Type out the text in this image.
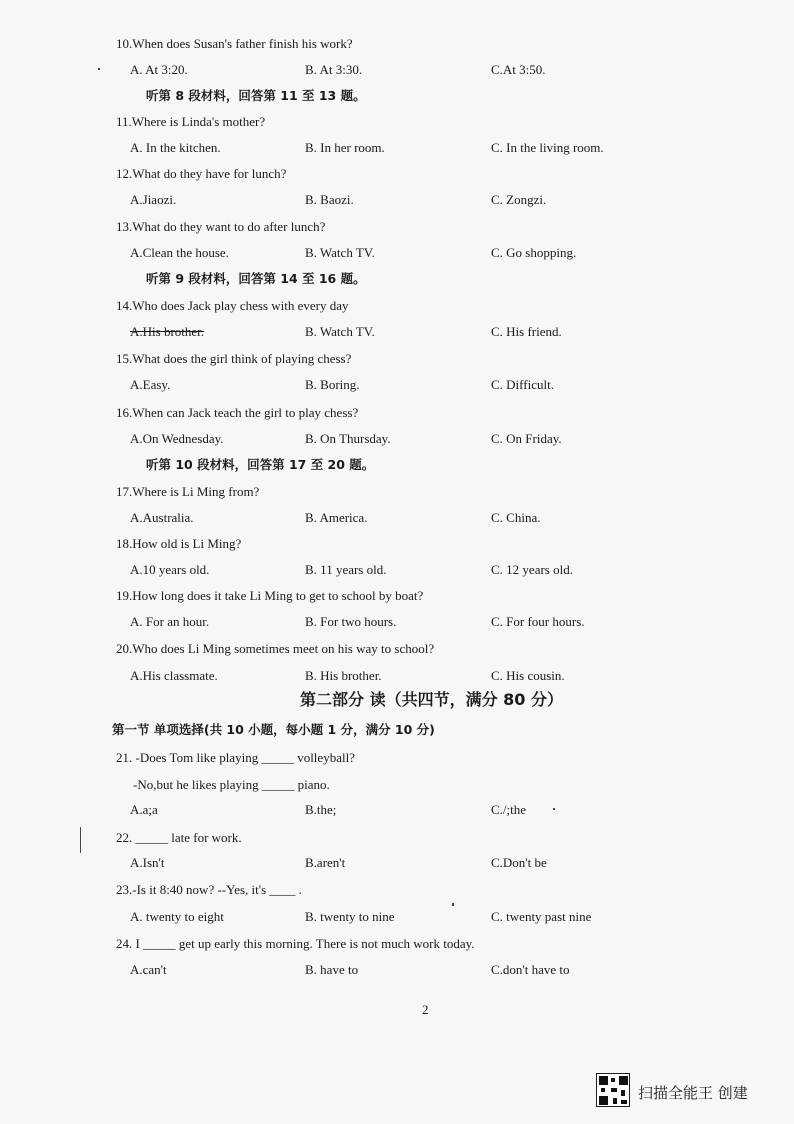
10.When does Susan's father finish his work?
A. At 3:20.	B. At 3:30.	C.At 3:50.
听第 8 段材料，回答第 11 至 13 题。
11.Where is Linda's mother?
A. In the kitchen.	B. In her room.	C. In the living room.
12.What do they have for lunch?
A.Jiaozi.	B. Baozi.	C. Zongzi.
13.What do they want to do after lunch?
A.Clean the house.	B. Watch TV.	C. Go shopping.
听第 9 段材料，回答第 14 至 16 题。
14.Who does Jack play chess with every day
A.His brother.	B. Watch TV.	C. His friend.
15.What does the girl think of playing chess?
A.Easy.	B. Boring.	C. Difficult.
16.When can Jack teach the girl to play chess?
A.On Wednesday.	B. On Thursday.	C. On Friday.
听第 10 段材料，回答第 17 至 20 题。
17.Where is Li Ming from?
A.Australia.	B. America.	C. China.
18.How old is Li Ming?
A.10 years old.	B. 11 years old.	C. 12 years old.
19.How long does it take Li Ming to get to school by boat?
A. For an hour.	B. For two hours.	C. For four hours.
20.Who does Li Ming sometimes meet on his way to school?
A.His classmate.	B. His brother.	C. His cousin.
第二部分 读（共四节，满分 80 分）
第一节 单项选择(共 10 小题，每小题 1 分，满分 10 分)
21. -Does Tom like playing _____ volleyball?
-No,but he likes playing _____ piano.
A.a;a	B.the;	C./;the
22. _____ late for work.
A.Isn't	B.aren't	C.Don't be
23.-Is it 8:40 now? --Yes, it's ____ .
A. twenty to eight	B. twenty to nine	C. twenty past nine
24. I _____ get up early this morning. There is not much work today.
A.can't	B. have to	C.don't have to
2
扫描全能王 创建
